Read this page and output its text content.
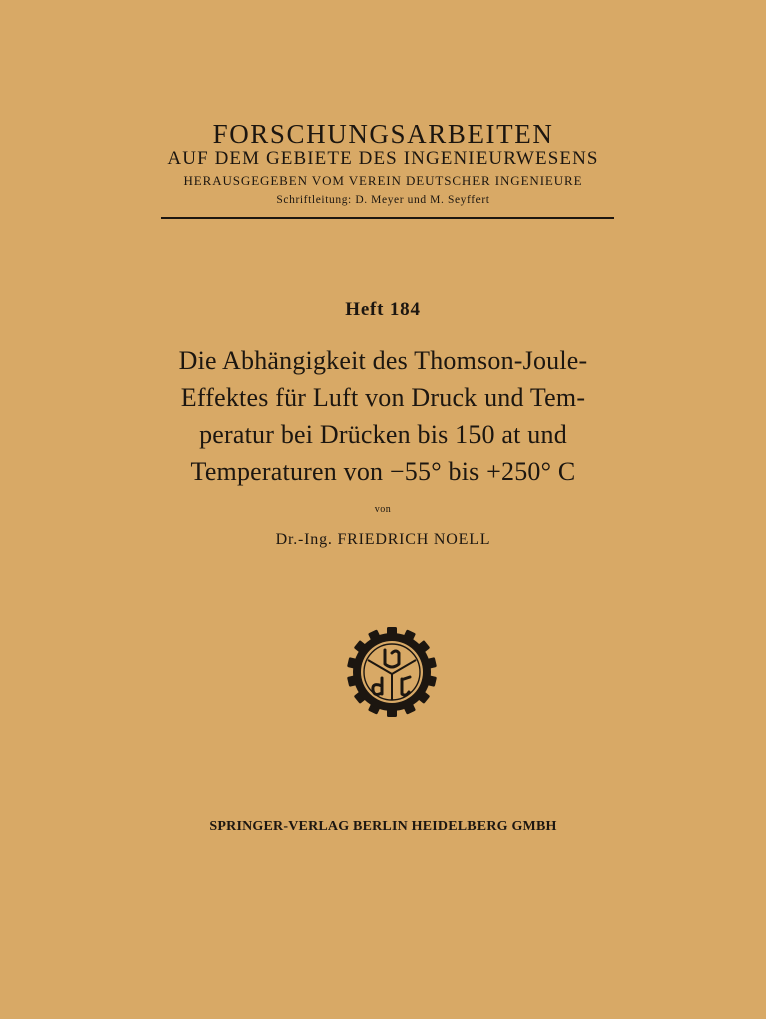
FORSCHUNGSARBEITEN
AUF DEM GEBIETE DES INGENIEURWESENS
HERAUSGEGEBEN VOM VEREIN DEUTSCHER INGENIEURE
Schriftleitung: D. Meyer und M. Seyffert
Heft 184
Die Abhängigkeit des Thomson-Joule-
Effektes für Luft von Druck und Tem-
peratur bei Drücken bis 150 at und
Temperaturen von −55° bis +250° C
von
Dr.-Ing. FRIEDRICH NOELL
SPRINGER-VERLAG BERLIN HEIDELBERG GMBH
